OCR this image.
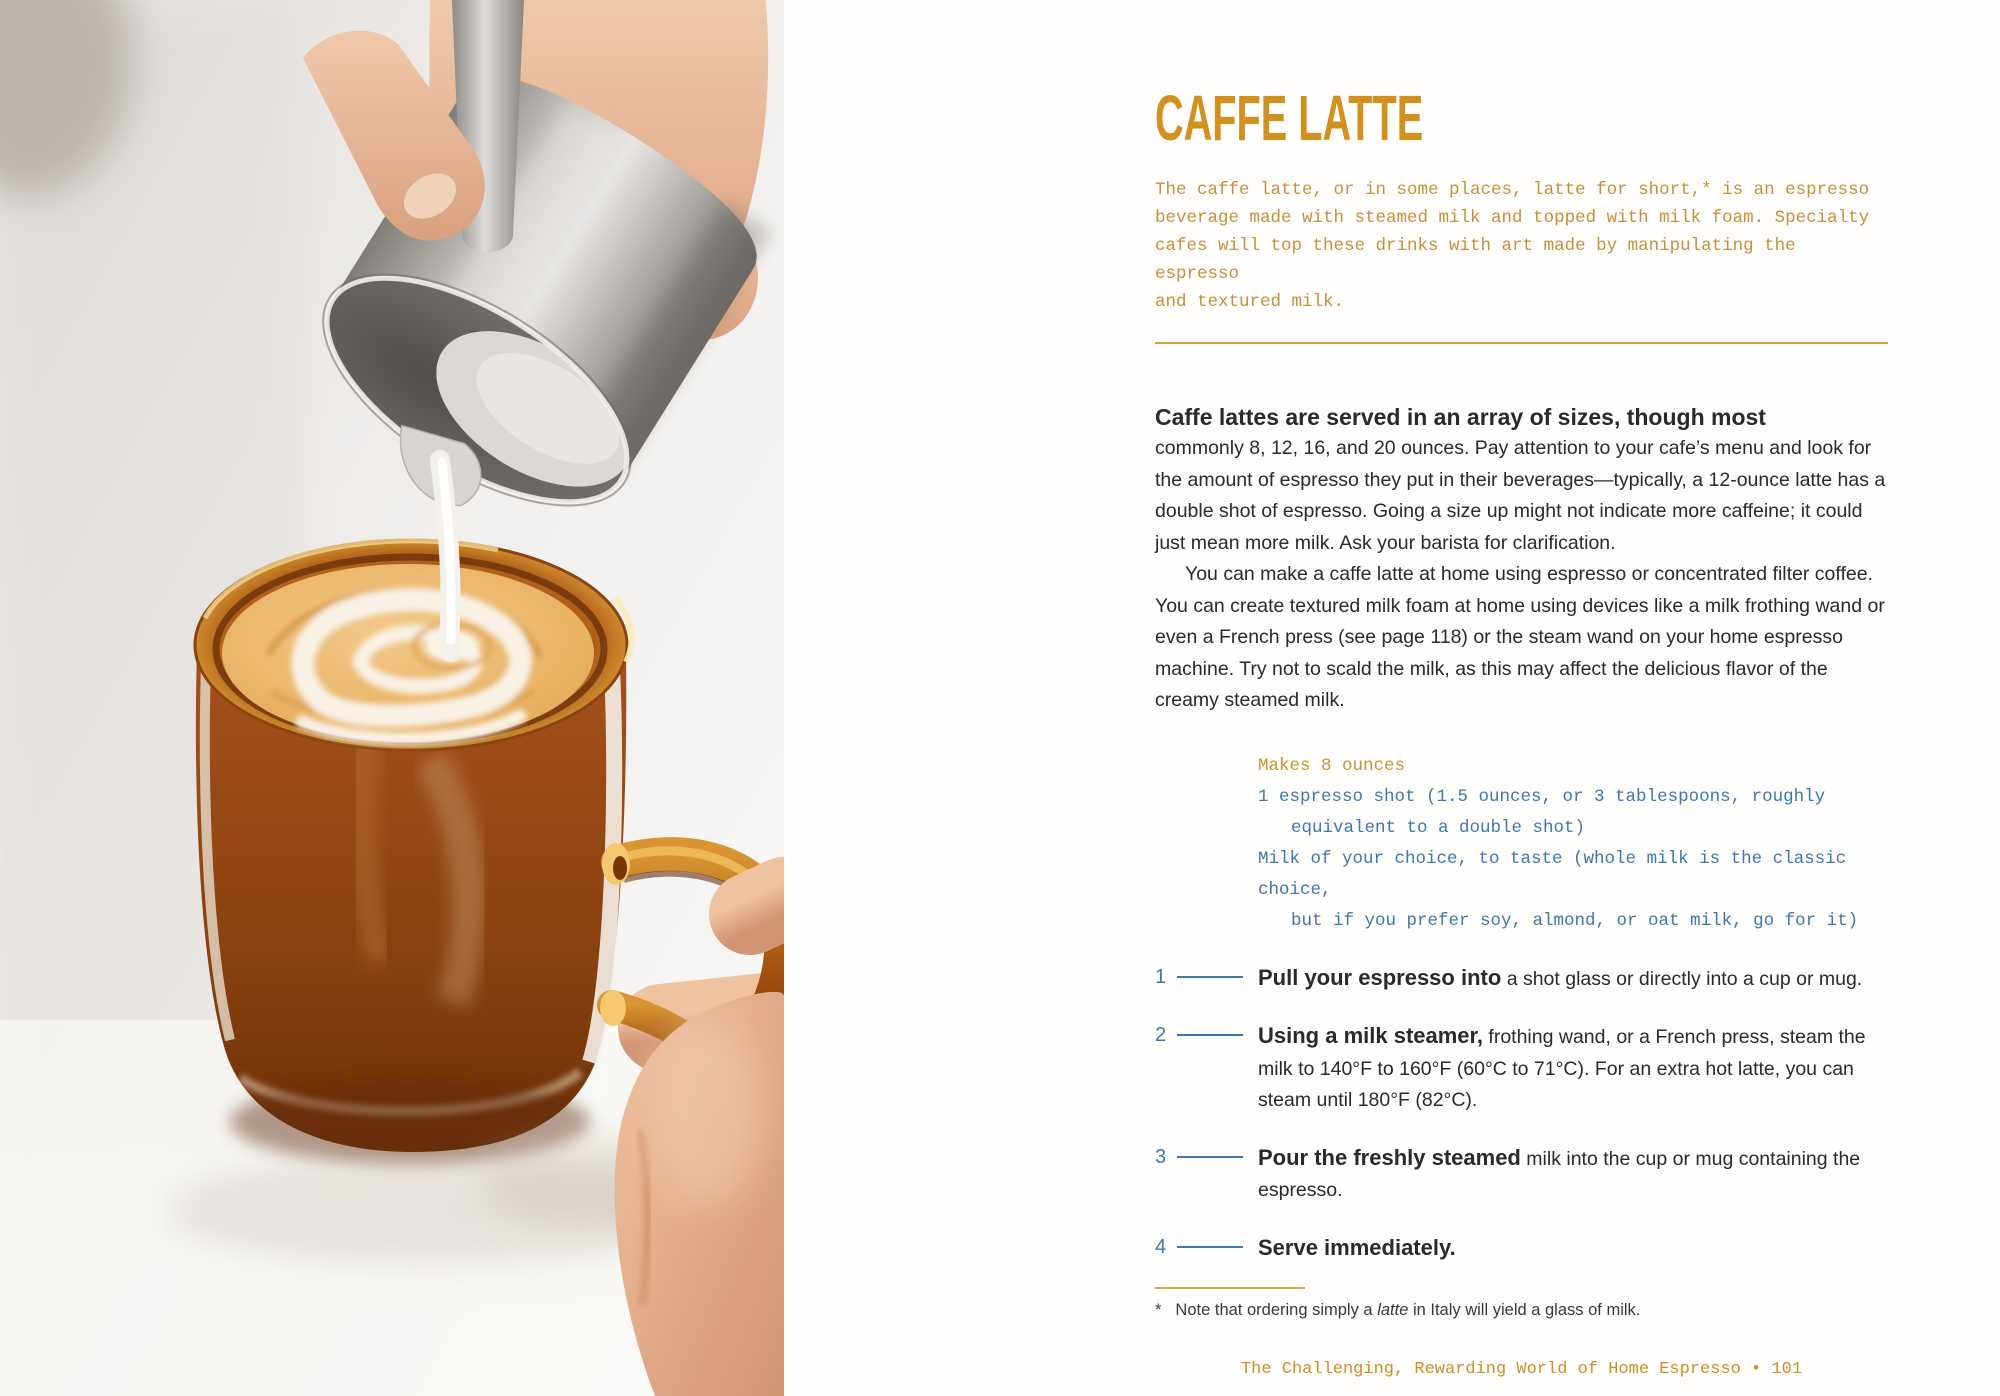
CAFFE LATTE
The caffe latte, or in some places, latte for short,* is an espresso
beverage made with steamed milk and topped with milk foam. Specialty
cafes will top these drinks with art made by manipulating the espresso
and textured milk.
Caffe lattes are served in an array of sizes, though most

commonly 8, 12, 16, and 20 ounces. Pay attention to your cafe’s menu and look for the amount of espresso they put in their beverages—typically, a 12-ounce latte has a double shot of espresso. Going a size up might not indicate more caffeine; it could just mean more milk. Ask your barista for clarification.

You can make a caffe latte at home using espresso or concentrated filter coffee. You can create textured milk foam at home using devices like a milk frothing wand or even a French press (see page 118) or the steam wand on your home espresso machine. Try not to scald the milk, as this may affect the delicious flavor of the creamy steamed milk.

Makes 8 ounces
1 espresso shot (1.5 ounces, or 3 tablespoons, roughly
equivalent to a double shot)
Milk of your choice, to taste (whole milk is the classic choice,
but if you prefer soy, almond, or oat milk, go for it)
1	Pull your espresso into a shot glass or directly into a cup or mug.
2	Using a milk steamer, frothing wand, or a French press, steam the milk to 140°F to 160°F (60°C to 71°C). For an extra hot latte, you can steam until 180°F (82°C).
3	Pour the freshly steamed milk into the cup or mug containing the espresso.
4	Serve immediately.
* Note that ordering simply a latte in Italy will yield a glass of milk.
The Challenging, Rewarding World of Home Espresso • 101
